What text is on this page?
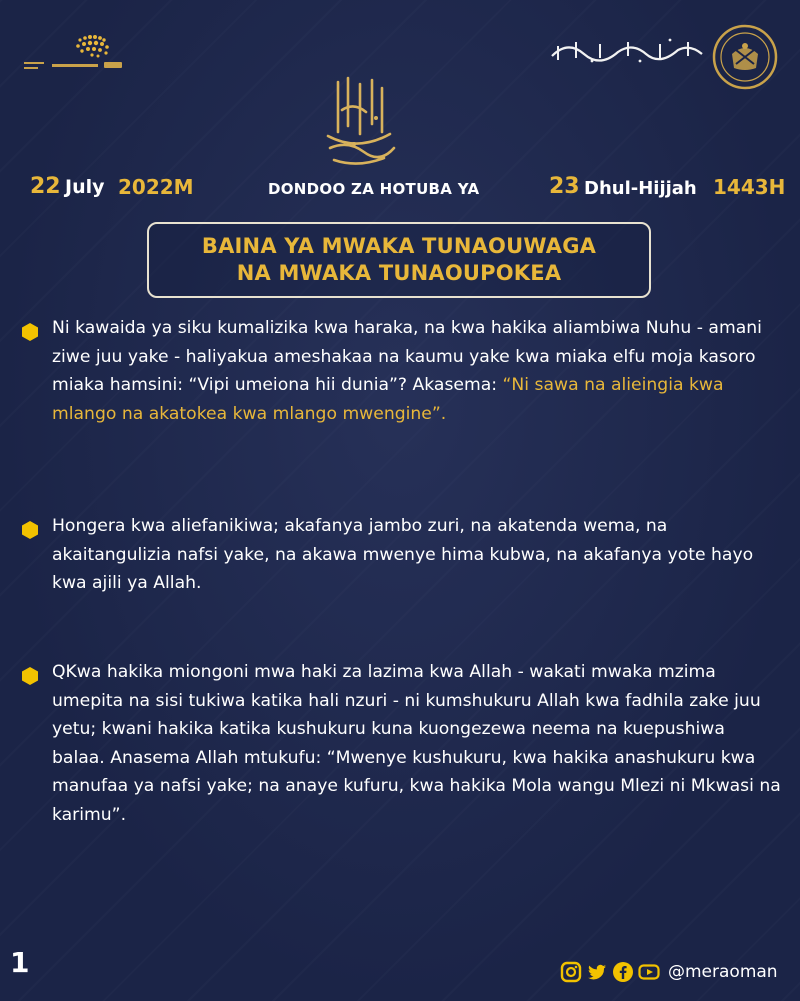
22 July 2022M	DONDOO ZA HOTUBA YA	23 Dhul-Hijjah 1443H
BAINA YA MWAKA TUNAOUWAGA
NA MWAKA TUNAOUPOKEA
Ni kawaida ya siku kumalizika kwa haraka, na kwa hakika aliambiwa Nuhu - amani ziwe juu yake - haliyakua ameshakaa na kaumu yake kwa miaka elfu moja kasoro miaka hamsini: “Vipi umeiona hii dunia”? Akasema: “Ni sawa na alieingia kwa mlango na akatokea kwa mlango mwengine”.
Hongera kwa aliefanikiwa; akafanya jambo zuri, na akatenda wema, na akaitangulizia nafsi yake, na akawa mwenye hima kubwa, na akafanya yote hayo kwa ajili ya Allah.
QKwa hakika miongoni mwa haki za lazima kwa Allah - wakati mwaka mzima umepita na sisi tukiwa katika hali nzuri - ni kumshukuru Allah kwa fadhila zake juu yetu; kwani hakika katika kushukuru kuna kuongezewa neema na kuepushiwa balaa. Anasema Allah mtukufu: “Mwenye kushukuru, kwa hakika anashukuru kwa manufaa ya nafsi yake; na anaye kufuru, kwa hakika Mola wangu Mlezi ni Mkwasi na karimu”.
1	@meraoman
